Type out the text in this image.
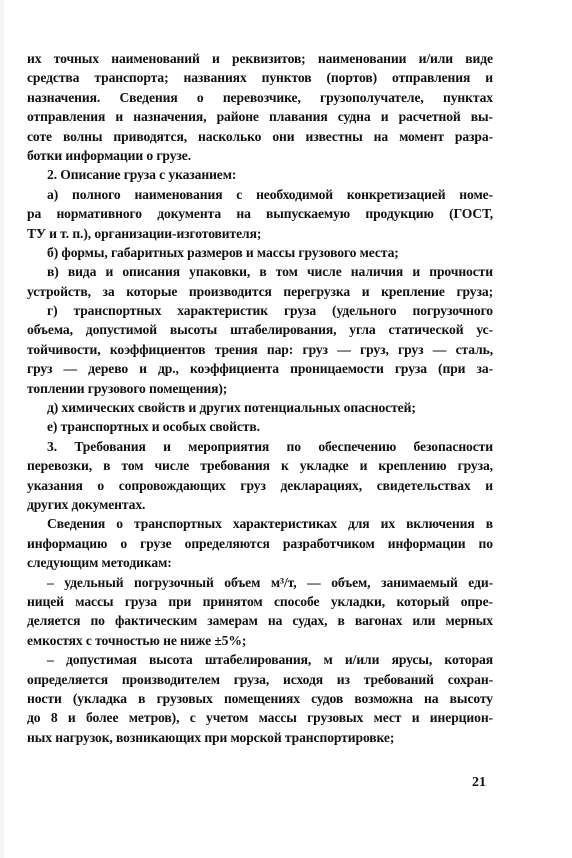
их точных наименований и реквизитов; наименовании и/или виде
средства транспорта; названиях пунктов (портов) отправления и
назначения. Сведения о перевозчике, грузополучателе, пунктах
отправления и назначения, районе плавания судна и расчетной вы-
соте волны приводятся, насколько они известны на момент разра-
ботки информации о грузе.
2. Описание груза с указанием:
а) полного наименования с необходимой конкретизацией номе-
ра нормативного документа на выпускаемую продукцию (ГОСТ,
ТУ и т. п.), организации-изготовителя;
б) формы, габаритных размеров и массы грузового места;
в) вида и описания упаковки, в том числе наличия и прочности
устройств, за которые производится перегрузка и крепление груза;
г) транспортных характеристик груза (удельного погрузочного
объема, допустимой высоты штабелирования, угла статической ус-
тойчивости, коэффициентов трения пар: груз — груз, груз — сталь,
груз — дерево и др., коэффициента проницаемости груза (при за-
топлении грузового помещения);
д) химических свойств и других потенциальных опасностей;
е) транспортных и особых свойств.
3. Требования и мероприятия по обеспечению безопасности
перевозки, в том числе требования к укладке и креплению груза,
указания о сопровождающих груз декларациях, свидетельствах и
других документах.
Сведения о транспортных характеристиках для их включения в
информацию о грузе определяются разработчиком информации по
следующим методикам:
– удельный погрузочный объем м³/т, — объем, занимаемый еди-
ницей массы груза при принятом способе укладки, который опре-
деляется по фактическим замерам на судах, в вагонах или мерных
емкостях с точностью не ниже ±5%;
– допустимая высота штабелирования, м и/или ярусы, которая
определяется производителем груза, исходя из требований сохран-
ности (укладка в грузовых помещениях судов возможна на высоту
до 8 и более метров), с учетом массы грузовых мест и инерцион-
ных нагрузок, возникающих при морской транспортировке;
21
